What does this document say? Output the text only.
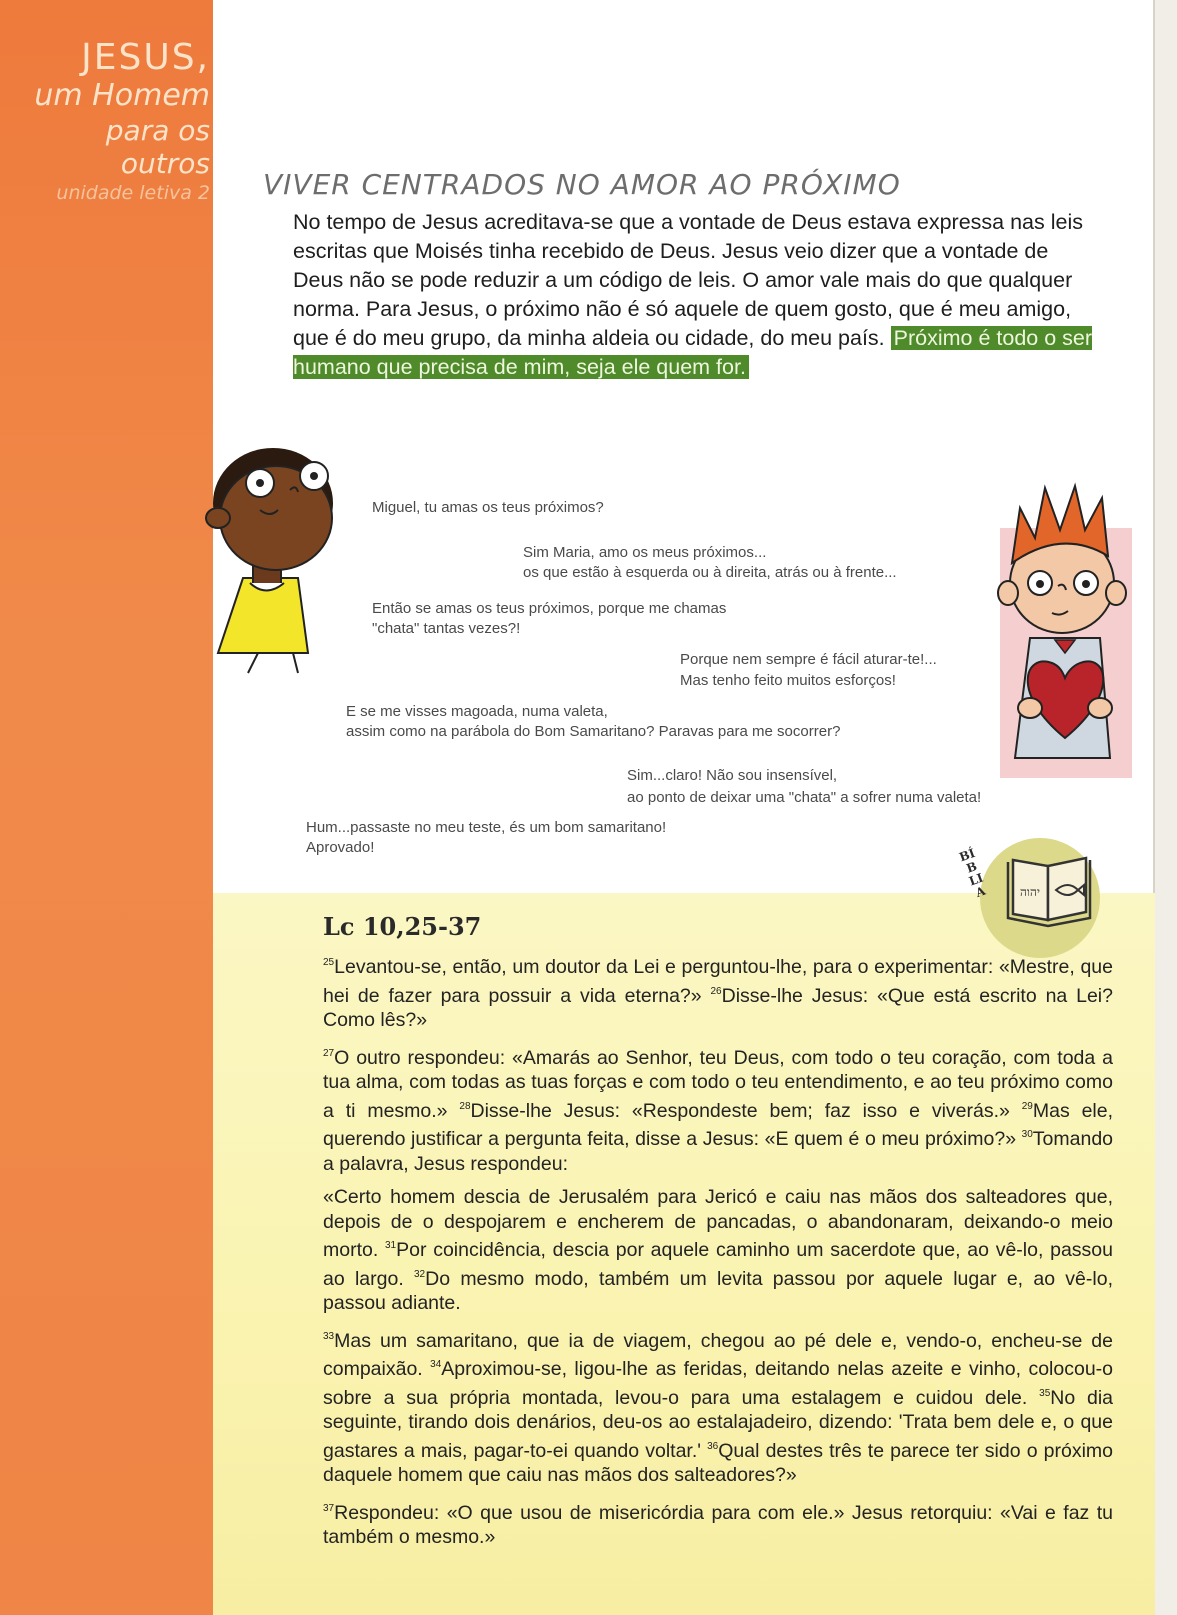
JESUS,
um Homem
para os
outros
unidade letiva 2 VIVER CENTRADOS NO AMOR AO PRÓXIMO
No tempo de Jesus acreditava-se que a vontade de Deus estava expressa nas leis escritas que Moisés tinha recebido de Deus. Jesus veio dizer que a vontade de Deus não se pode reduzir a um código de leis. O amor vale mais do que qualquer norma. Para Jesus, o próximo não é só aquele de quem gosto, que é meu amigo, que é do meu grupo, da minha aldeia ou cidade, do meu país. Próximo é todo o ser humano que precisa de mim, seja ele quem for.
Miguel, tu amas os teus próximos?
Sim Maria, amo os meus próximos...
os que estão à esquerda ou à direita, atrás ou à frente...
Então se amas os teus próximos, porque me chamas
"chata" tantas vezes?!
Porque nem sempre é fácil aturar-te!...
Mas tenho feito muitos esforços!
E se me visses magoada, numa valeta,
assim como na parábola do Bom Samaritano? Paravas para me socorrer?
Sim...claro! Não sou insensível,
ao ponto de deixar uma "chata" a sofrer numa valeta!
Hum...passaste no meu teste, és um bom samaritano!
Aprovado!
יהוה
BÍBLIA
Lc 10,25-37

$^{25}$Levantou-se, então, um doutor da Lei e perguntou-lhe, para o experimentar: «Mestre, que hei de fazer para possuir a vida eterna?» $^{26}$Disse-lhe Jesus: «Que está escrito na Lei? Como lês?»

$^{27}$O outro respondeu: «Amarás ao Senhor, teu Deus, com todo o teu coração, com toda a tua alma, com todas as tuas forças e com todo o teu entendimento, e ao teu próximo como a ti mesmo.» $^{28}$Disse-lhe Jesus: «Respondeste bem; faz isso e viverás.» $^{29}$Mas ele, querendo justificar a pergunta feita, disse a Jesus: «E quem é o meu próximo?» $^{30}$Tomando a palavra, Jesus respondeu:

«Certo homem descia de Jerusalém para Jericó e caiu nas mãos dos salteadores que, depois de o despojarem e encherem de pancadas, o abandonaram, deixando-o meio morto. $^{31}$Por coincidência, descia por aquele caminho um sacerdote que, ao vê-lo, passou ao largo. $^{32}$Do mesmo modo, também um levita passou por aquele lugar e, ao vê-lo, passou adiante.

$^{33}$Mas um samaritano, que ia de viagem, chegou ao pé dele e, vendo-o, encheu-se de compaixão. $^{34}$Aproximou-se, ligou-lhe as feridas, deitando nelas azeite e vinho, colocou-o sobre a sua própria montada, levou-o para uma estalagem e cuidou dele. $^{35}$No dia seguinte, tirando dois denários, deu-os ao estalajadeiro, dizendo: 'Trata bem dele e, o que gastares a mais, pagar-to-ei quando voltar.' $^{36}$Qual destes três te parece ter sido o próximo daquele homem que caiu nas mãos dos salteadores?»

$^{37}$Respondeu: «O que usou de misericórdia para com ele.» Jesus retorquiu: «Vai e faz tu também o mesmo.»
